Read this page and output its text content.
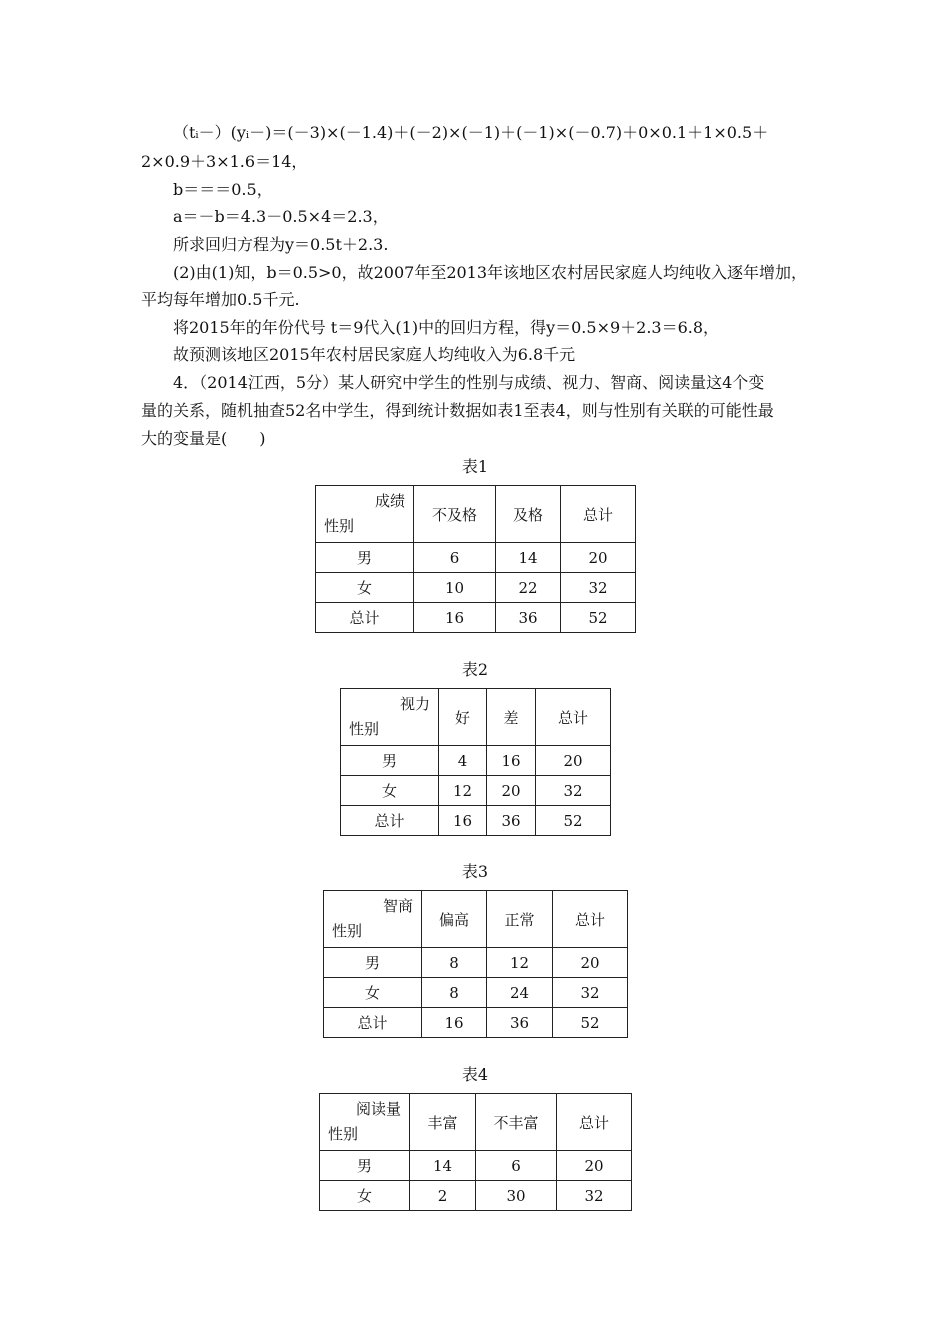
（tᵢ－）(yᵢ－)＝(－3)×(－1.4)＋(－2)×(－1)＋(－1)×(－0.7)＋0×0.1＋1×0.5＋
2×0.9＋3×1.6＝14，
b＝＝＝0.5，
a＝－b＝4.3－0.5×4＝2.3，
所求回归方程为y＝0.5t＋2.3.
(2)由(1)知，b＝0.5>0，故2007年至2013年该地区农村居民家庭人均纯收入逐年增加，
平均每年增加0.5千元.
将2015年的年份代号 t＝9代入(1)中的回归方程，得y＝0.5×9＋2.3＝6.8，
故预测该地区2015年农村居民家庭人均纯收入为6.8千元
4．（2014江西，5分）某人研究中学生的性别与成绩、视力、智商、阅读量这4个变
量的关系，随机抽查52名中学生，得到统计数据如表1至表4，则与性别有关联的可能性最
大的变量是(　　)
表1
成绩
性别	不及格	及格	总计
男	6	14	20
女	10	22	32
总计	16	36	52
表2
视力
性别	好	差	总计
男	4	16	20
女	12	20	32
总计	16	36	52
表3
智商
性别	偏高	正常	总计
男	8	12	20
女	8	24	32
总计	16	36	52
表4
阅读量
性别	丰富	不丰富	总计
男	14	6	20
女	2	30	32
